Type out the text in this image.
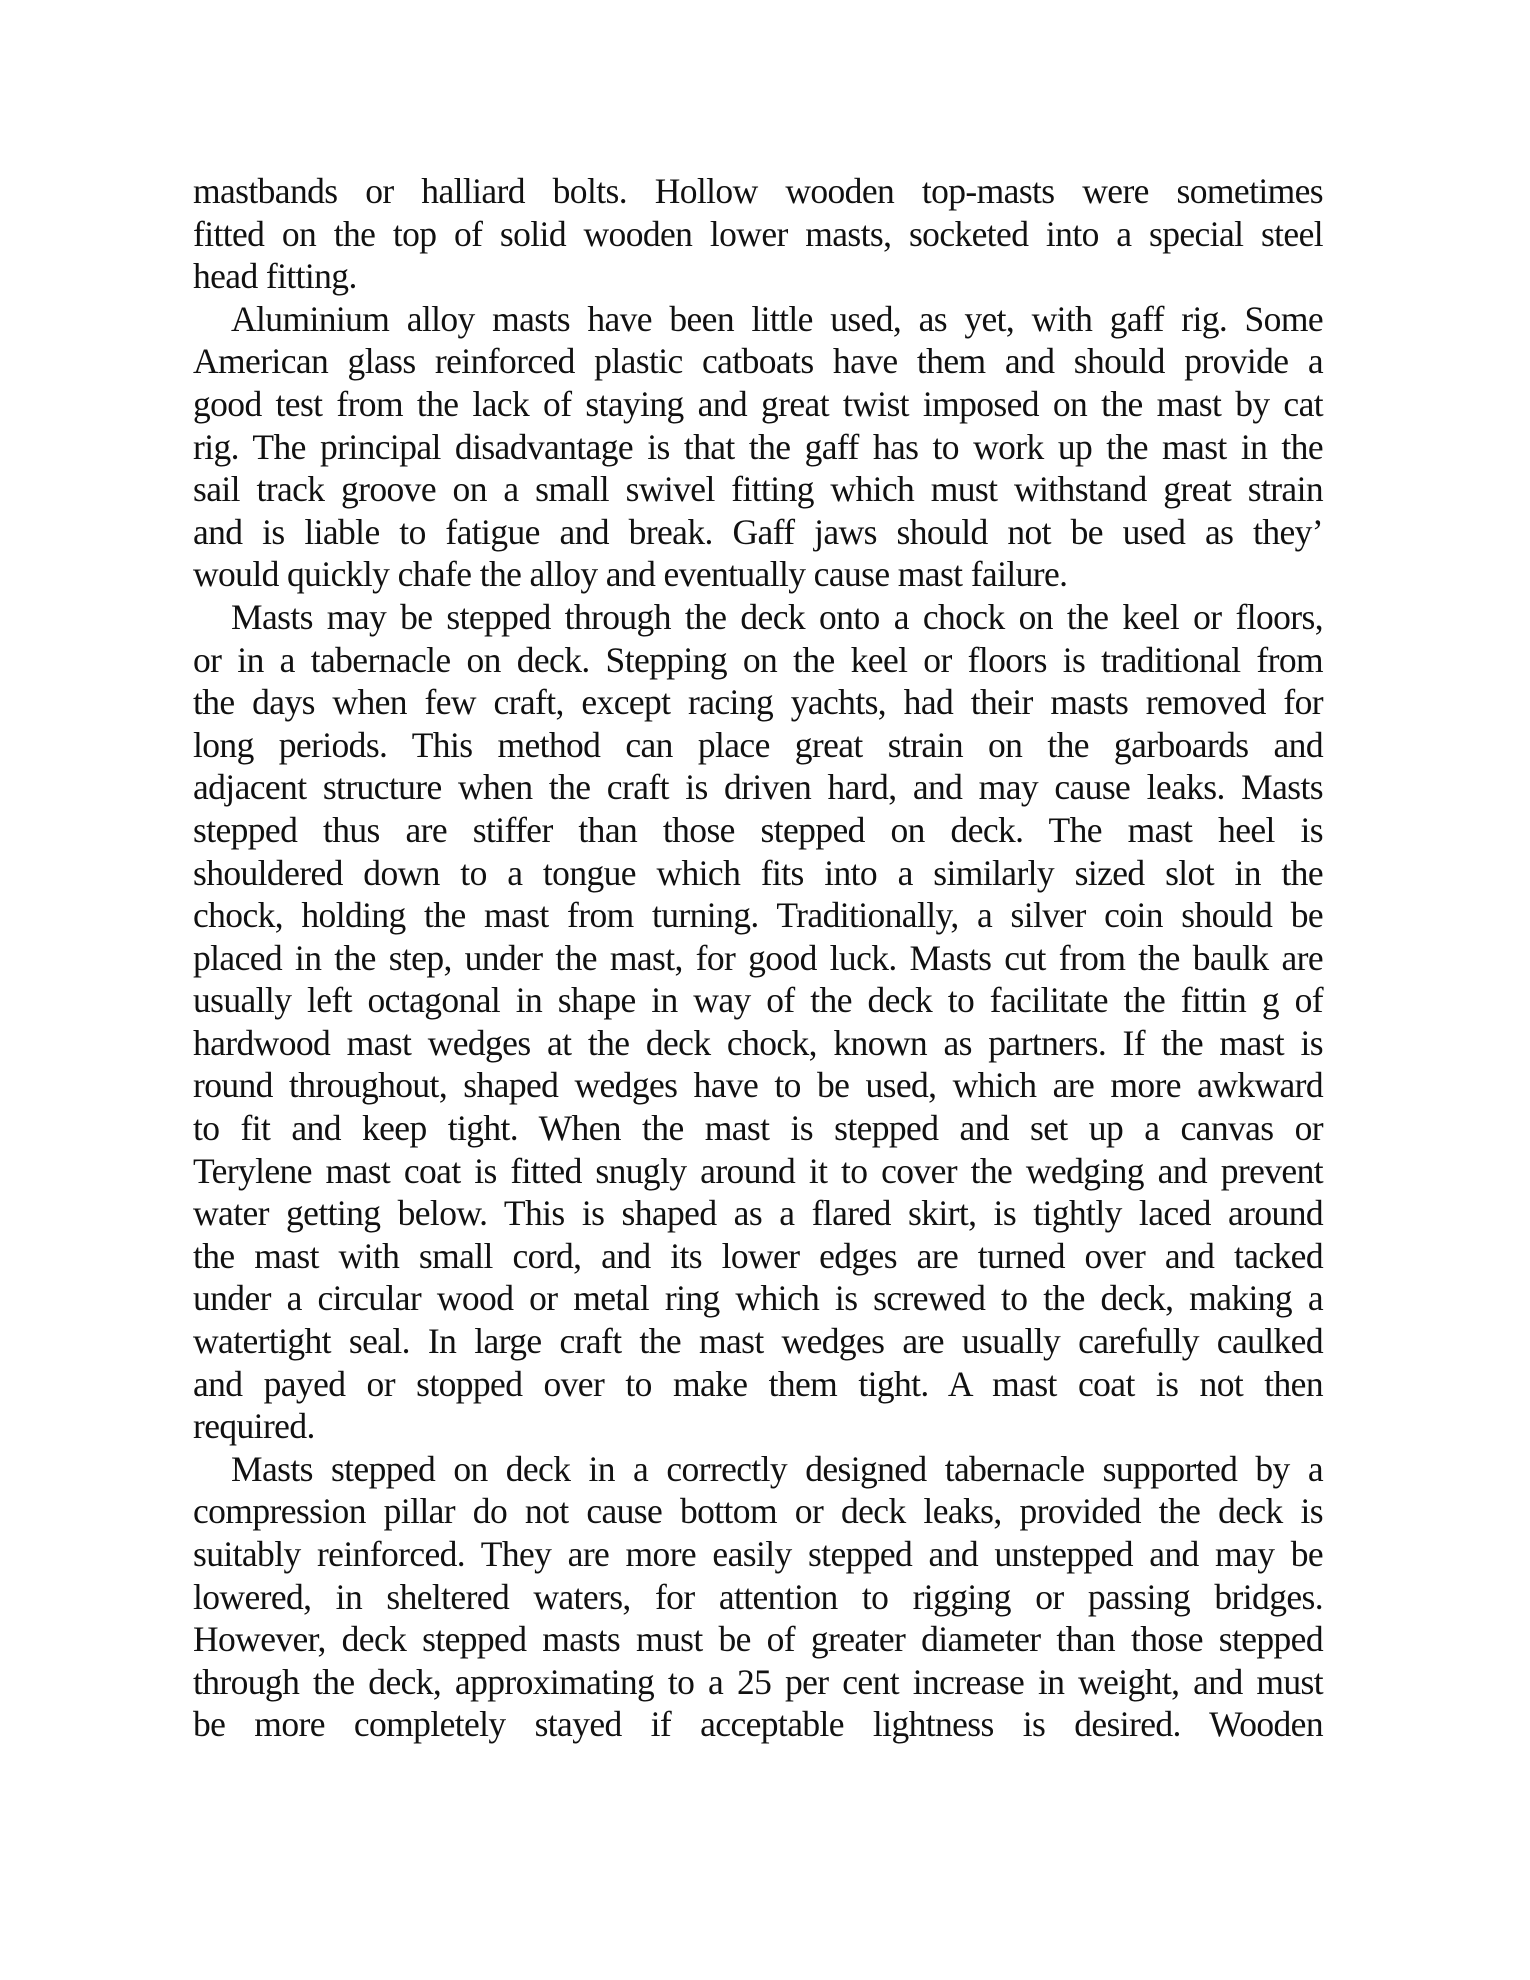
mastbands or halliard bolts. Hollow wooden top-masts were sometimes
fitted on the top of solid wooden lower masts, socketed into a special steel
head fitting.

Aluminium alloy masts have been little used, as yet, with gaff rig. Some
American glass reinforced plastic catboats have them and should provide a
good test from the lack of staying and great twist imposed on the mast by cat
rig. The principal disadvantage is that the gaff has to work up the mast in the
sail track groove on a small swivel fitting which must withstand great strain
and is liable to fatigue and break. Gaff jaws should not be used as they’
would quickly chafe the alloy and eventually cause mast failure.

Masts may be stepped through the deck onto a chock on the keel or floors,
or in a tabernacle on deck. Stepping on the keel or floors is traditional from
the days when few craft, except racing yachts, had their masts removed for
long periods. This method can place great strain on the garboards and
adjacent structure when the craft is driven hard, and may cause leaks. Masts
stepped thus are stiffer than those stepped on deck. The mast heel is
shouldered down to a tongue which fits into a similarly sized slot in the
chock, holding the mast from turning. Traditionally, a silver coin should be
placed in the step, under the mast, for good luck. Masts cut from the baulk are
usually left octagonal in shape in way of the deck to facilitate the fittin g of
hardwood mast wedges at the deck chock, known as partners. If the mast is
round throughout, shaped wedges have to be used, which are more awkward
to fit and keep tight. When the mast is stepped and set up a canvas or
Terylene mast coat is fitted snugly around it to cover the wedging and prevent
water getting below. This is shaped as a flared skirt, is tightly laced around
the mast with small cord, and its lower edges are turned over and tacked
under a circular wood or metal ring which is screwed to the deck, making a
watertight seal. In large craft the mast wedges are usually carefully caulked
and payed or stopped over to make them tight. A mast coat is not then
required.

Masts stepped on deck in a correctly designed tabernacle supported by a
compression pillar do not cause bottom or deck leaks, provided the deck is
suitably reinforced. They are more easily stepped and unstepped and may be
lowered, in sheltered waters, for attention to rigging or passing bridges.
However, deck stepped masts must be of greater diameter than those stepped
through the deck, approximating to a 25 per cent increase in weight, and must
be more completely stayed if acceptable lightness is desired. Wooden
